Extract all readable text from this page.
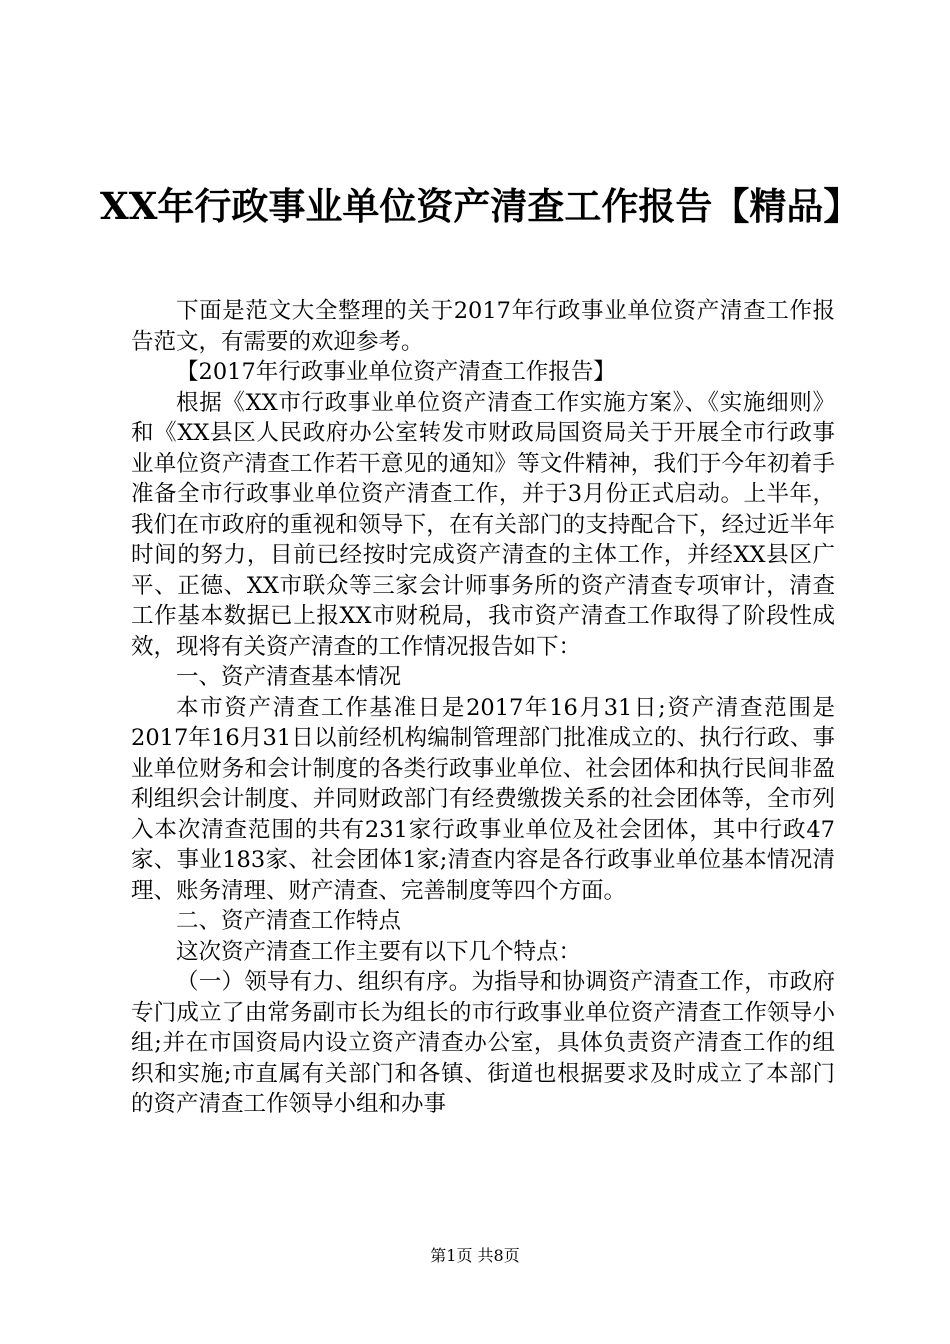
XX年行政事业单位资产清查工作报告【精品】

下面是范文大全整理的关于2017年行政事业单位资产清查工作报告范文，有需要的欢迎参考。

【2017年行政事业单位资产清查工作报告】

根据《XX市行政事业单位资产清查工作实施方案》、《实施细则》和《XX县区人民政府办公室转发市财政局国资局关于开展全市行政事业单位资产清查工作若干意见的通知》等文件精神，我们于今年初着手准备全市行政事业单位资产清查工作，并于3月份正式启动。上半年，我们在市政府的重视和领导下，在有关部门的支持配合下，经过近半年时间的努力，目前已经按时完成资产清查的主体工作，并经XX县区广平、正德、XX市联众等三家会计师事务所的资产清查专项审计，清查工作基本数据已上报XX市财税局，我市资产清查工作取得了阶段性成效，现将有关资产清查的工作情况报告如下：

一、资产清查基本情况

本市资产清查工作基准日是2017年16月31日;资产清查范围是2017年16月31日以前经机构编制管理部门批准成立的、执行行政、事业单位财务和会计制度的各类行政事业单位、社会团体和执行民间非盈利组织会计制度、并同财政部门有经费缴拨关系的社会团体等，全市列入本次清查范围的共有231家行政事业单位及社会团体，其中行政47家、事业183家、社会团体1家;清查内容是各行政事业单位基本情况清理、账务清理、财产清查、完善制度等四个方面。

二、资产清查工作特点

这次资产清查工作主要有以下几个特点：

（一）领导有力、组织有序。为指导和协调资产清查工作，市政府专门成立了由常务副市长为组长的市行政事业单位资产清查工作领导小组;并在市国资局内设立资产清查办公室，具体负责资产清查工作的组织和实施;市直属有关部门和各镇、街道也根据要求及时成立了本部门的资产清查工作领导小组和办事

第1页 共8页
